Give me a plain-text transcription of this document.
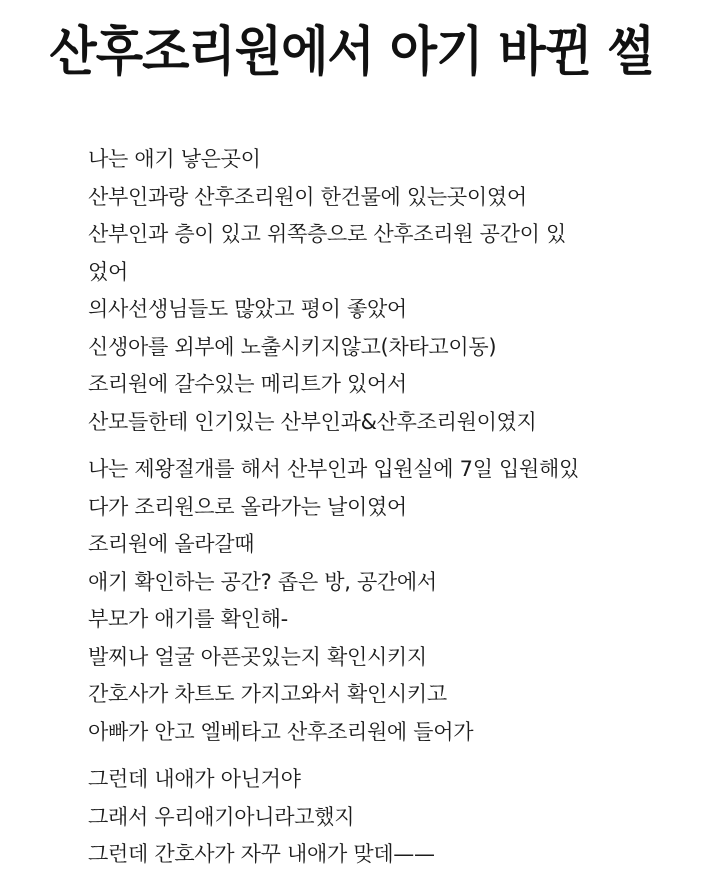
산후조리원에서 아기 바뀐 썰
나는 애기 낳은곳이
산부인과랑 산후조리원이 한건물에 있는곳이였어
산부인과 층이 있고 위쪽층으로 산후조리원 공간이 있
었어
의사선생님들도 많았고 평이 좋았어
신생아를 외부에 노출시키지않고(차타고이동)
조리원에 갈수있는 메리트가 있어서
산모들한테 인기있는 산부인과&산후조리원이였지
나는 제왕절개를 해서 산부인과 입원실에 7일 입원해있
다가 조리원으로 올라가는 날이였어
조리원에 올라갈때
애기 확인하는 공간? 좁은 방, 공간에서
부모가 애기를 확인해-
발찌나 얼굴 아픈곳있는지 확인시키지
간호사가 차트도 가지고와서 확인시키고
아빠가 안고 엘베타고 산후조리원에 들어가
그런데 내애가 아닌거야
그래서 우리애기아니라고했지
그런데 간호사가 자꾸 내애가 맞데——
